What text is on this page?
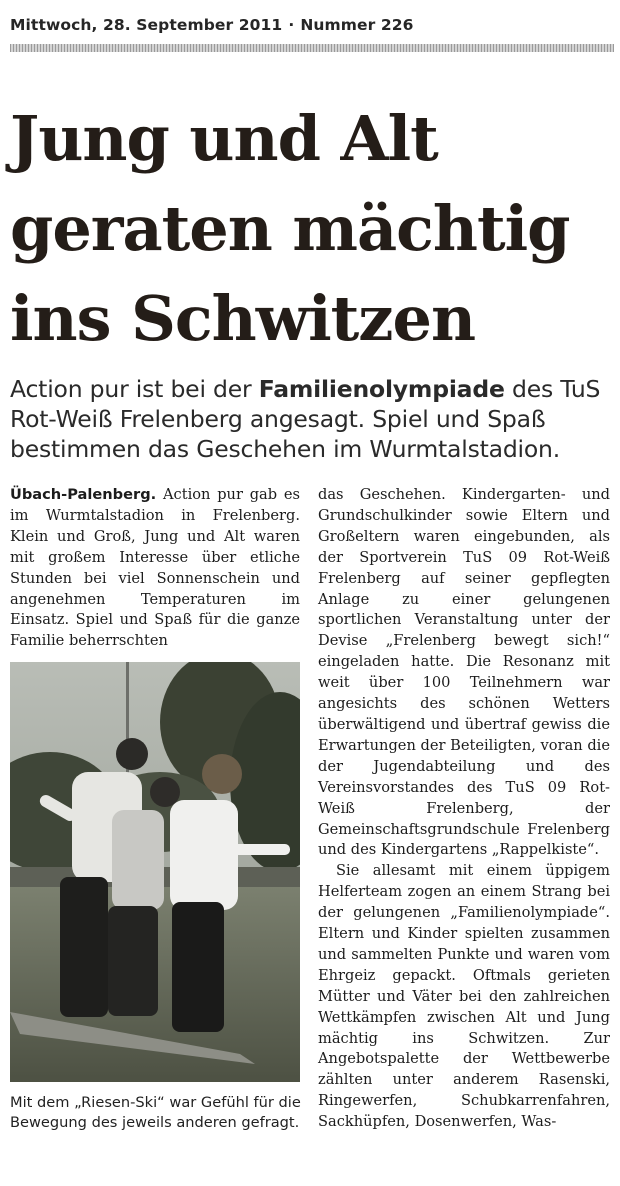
Mittwoch, 28. September 2011 · Nummer 226
Jung und Alt geraten mächtig ins Schwitzen

Action pur ist bei der Familienolympiade des TuS Rot-Weiß Frelenberg angesagt. Spiel und Spaß bestimmen das Geschehen im Wurmtalstadion.

Übach-Palenberg. Action pur gab es im Wurmtalstadion in Frelenberg. Klein und Groß, Jung und Alt waren mit großem Interesse über etliche Stunden bei viel Sonnenschein und angenehmen Temperaturen im Einsatz. Spiel und Spaß für die ganze Familie beherrschten

Mit dem „Riesen-Ski“ war Gefühl für die Bewegung des jeweils anderen gefragt.

das Geschehen. Kindergarten- und Grundschulkinder sowie Eltern und Großeltern waren eingebunden, als der Sportverein TuS 09 Rot-Weiß Frelenberg auf seiner gepflegten Anlage zu einer gelungenen sportlichen Veranstaltung unter der Devise „Frelenberg bewegt sich!“ eingeladen hatte. Die Resonanz mit weit über 100 Teilnehmern war angesichts des schönen Wetters überwältigend und übertraf gewiss die Erwartungen der Beteiligten, voran die der Jugendabteilung und des Vereinsvorstandes des TuS 09 Rot-Weiß Frelenberg, der Gemeinschaftsgrundschule Frelenberg und des Kindergartens „Rappelkiste“.

Sie allesamt mit einem üppigem Helferteam zogen an einem Strang bei der gelungenen „Familienolympiade“. Eltern und Kinder spielten zusammen und sammelten Punkte und waren vom Ehrgeiz gepackt. Oftmals gerieten Mütter und Väter bei den zahlreichen Wettkämpfen zwischen Alt und Jung mächtig ins Schwitzen. Zur Angebotspalette der Wettbewerbe zählten unter anderem Rasenski, Ringewerfen, Schubkarrenfahren, Sackhüpfen, Dosenwerfen, Was-
